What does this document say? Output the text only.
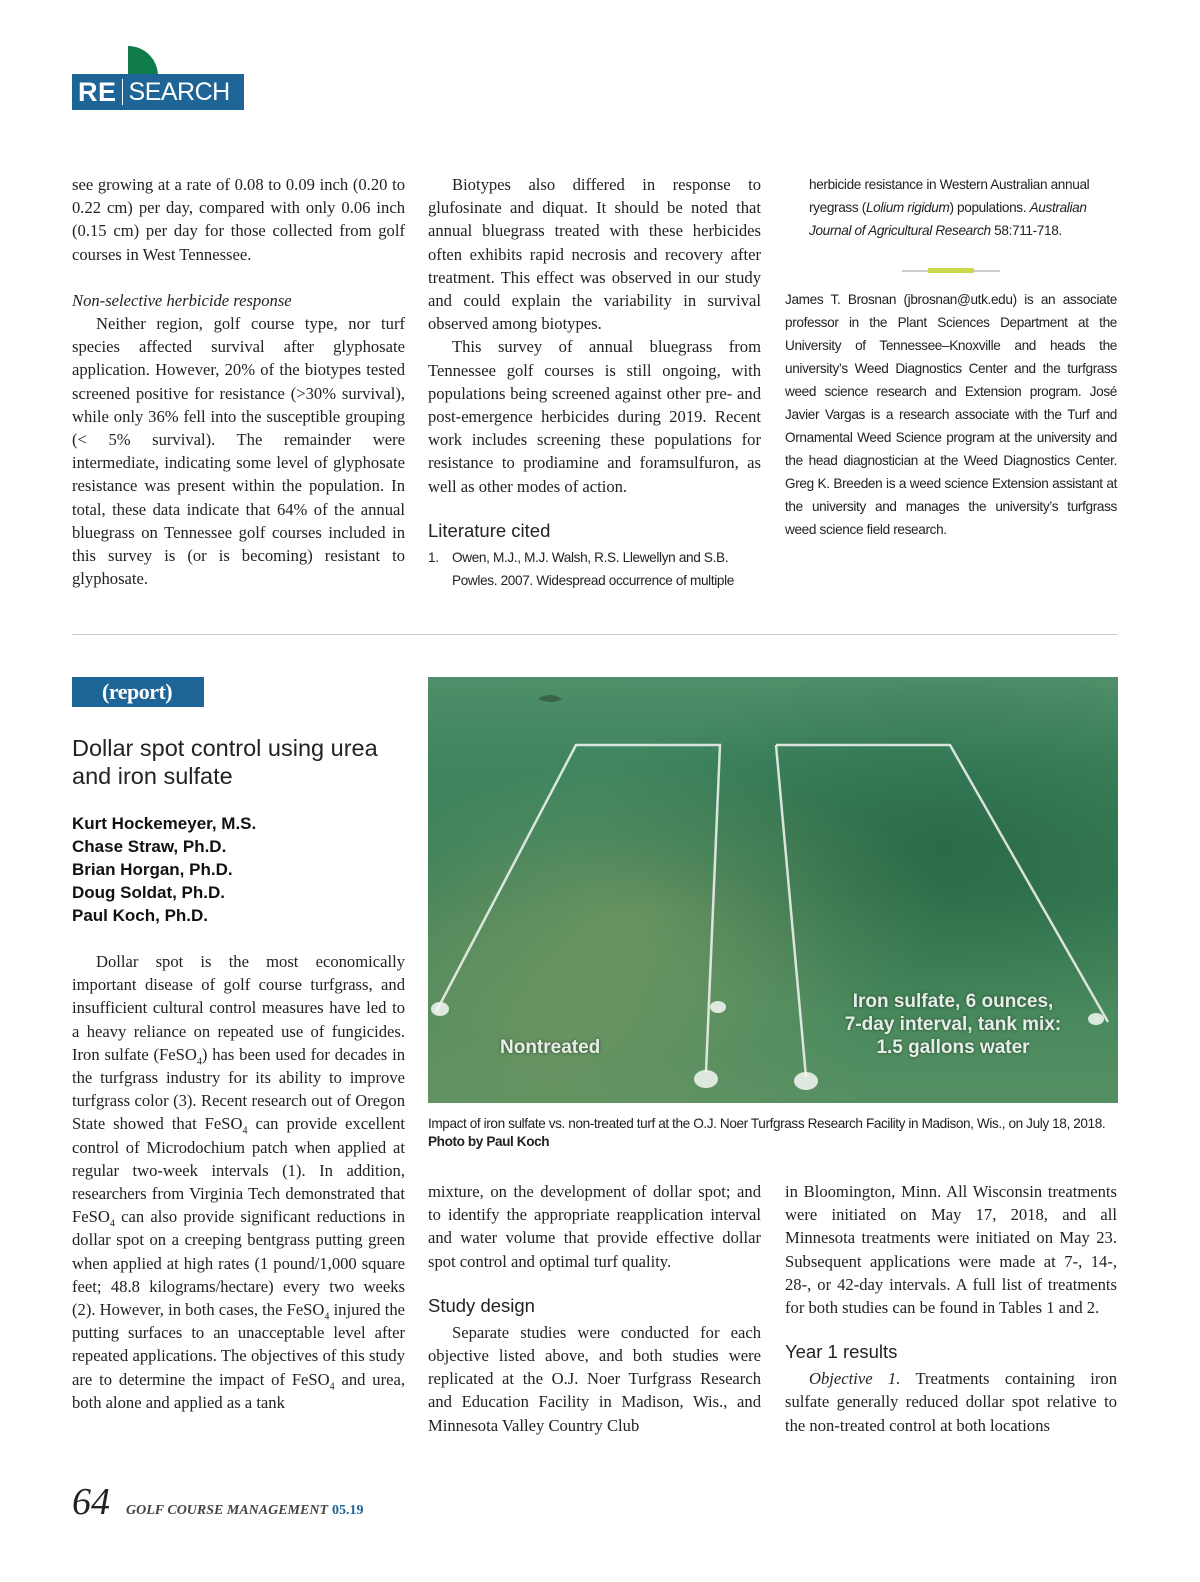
RE SEARCH

see growing at a rate of 0.08 to 0.09 inch (0.20 to 0.22 cm) per day, compared with only 0.06 inch (0.15 cm) per day for those collected from golf courses in West Tennessee.

Non-selective herbicide response

Neither region, golf course type, nor turf species affected survival after glyphosate application. However, 20% of the biotypes tested screened positive for resistance (>30% survival), while only 36% fell into the susceptible grouping (< 5% survival). The remainder were intermediate, indicating some level of glyphosate resistance was present within the population. In total, these data indicate that 64% of the annual bluegrass on Tennessee golf courses included in this survey is (or is becoming) resistant to glyphosate.

Biotypes also differed in response to glufosinate and diquat. It should be noted that annual bluegrass treated with these herbicides often exhibits rapid necrosis and recovery after treatment. This effect was observed in our study and could explain the variability in survival observed among biotypes.

This survey of annual bluegrass from Tennessee golf courses is still ongoing, with populations being screened against other pre- and post-emergence herbicides during 2019. Recent work includes screening these populations for resistance to prodiamine and foramsulfuron, as well as other modes of action.

Literature cited
1. Owen, M.J., M.J. Walsh, R.S. Llewellyn and S.B.
Powles. 2007. Widespread occurrence of multiple
herbicide resistance in Western Australian annual ryegrass (Lolium rigidum) populations. Australian Journal of Agricultural Research 58:711-718.
James T. Brosnan (jbrosnan@utk.edu) is an associate professor in the Plant Sciences Department at the University of Tennessee–Knoxville and heads the university’s Weed Diagnostics Center and the turfgrass weed science research and Extension program. José Javier Vargas is a research associate with the Turf and Ornamental Weed Science program at the university and the head diagnostician at the Weed Diagnostics Center. Greg K. Breeden is a weed science Extension assistant at the university and manages the university’s turfgrass weed science field research.
(report)
Dollar spot control using urea and iron sulfate
Kurt Hockemeyer, M.S.
Chase Straw, Ph.D.
Brian Horgan, Ph.D.
Doug Soldat, Ph.D.
Paul Koch, Ph.D.
Nontreated
Iron sulfate, 6 ounces,
7-day interval, tank mix:
1.5 gallons water
Impact of iron sulfate vs. non-treated turf at the O.J. Noer Turfgrass Research Facility in Madison, Wis., on July 18, 2018.
Photo by Paul Koch

Dollar spot is the most economically important disease of golf course turfgrass, and insufficient cultural control measures have led to a heavy reliance on repeated use of fungicides. Iron sulfate (FeSO$_4$) has been used for decades in the turfgrass industry for its ability to improve turfgrass color (3). Recent research out of Oregon State showed that FeSO$_4$ can provide excellent control of Microdochium patch when applied at regular two-week intervals (1). In addition, researchers from Virginia Tech demonstrated that FeSO$_4$ can also provide significant reductions in dollar spot on a creeping bentgrass putting green when applied at high rates (1 pound/1,000 square feet; 48.8 kilograms/hectare) every two weeks (2). However, in both cases, the FeSO$_4$ injured the putting surfaces to an unacceptable level after repeated applications. The objectives of this study are to determine the impact of FeSO$_4$ and urea, both alone and applied as a tank

mixture, on the development of dollar spot; and to identify the appropriate reapplication interval and water volume that provide effective dollar spot control and optimal turf quality.

Study design

Separate studies were conducted for each objective listed above, and both studies were replicated at the O.J. Noer Turfgrass Research and Education Facility in Madison, Wis., and Minnesota Valley Country Club

in Bloomington, Minn. All Wisconsin treatments were initiated on May 17, 2018, and all Minnesota treatments were initiated on May 23. Subsequent applications were made at 7-, 14-, 28-, or 42-day intervals. A full list of treatments for both studies can be found in Tables 1 and 2.

Year 1 results

Objective 1. Treatments containing iron sulfate generally reduced dollar spot relative to the non-treated control at both locations

64 GOLF COURSE MANAGEMENT 05.19
